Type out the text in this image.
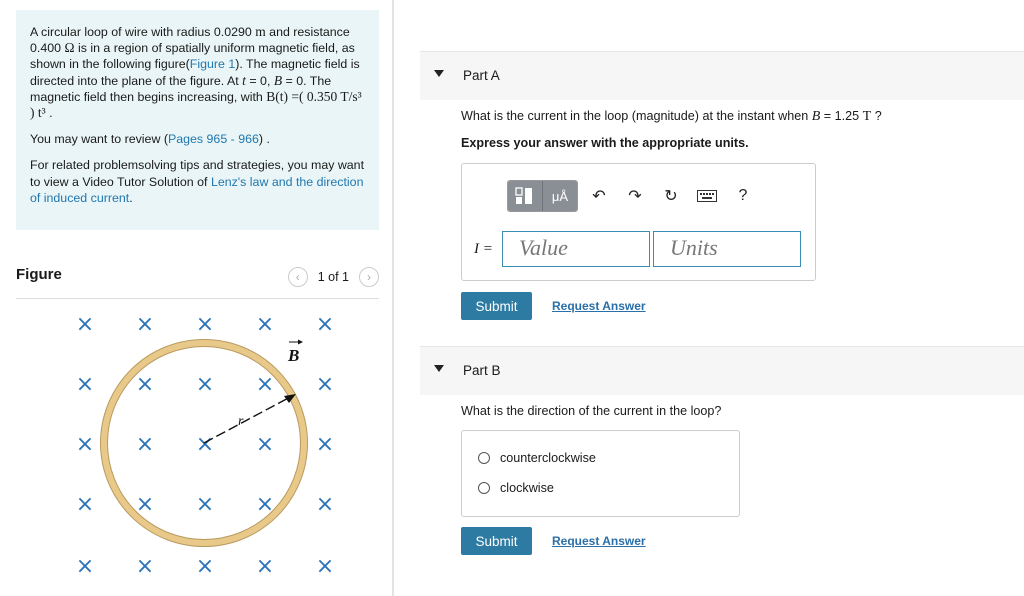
A circular loop of wire with radius 0.0290 m and resistance 0.400 Ω is in a region of spatially uniform magnetic field, as shown in the following figure(Figure 1). The magnetic field is directed into the plane of the figure. At t = 0, B = 0. The magnetic field then begins increasing, with B(t) =( 0.350 T/s³ ) t³ .

You may want to review (Pages 965 - 966) .

For related problemsolving tips and strategies, you may want to view a Video Tutor Solution of Lenz's law and the direction of induced current.

Figure	‹	1 of 1	›
× × × × ×
× × × × ×
× × × × ×
× × × × ×
× × × × ×
r
B
Part A
What is the current in the loop (magnitude) at the instant when B = 1.25 T ?
Express your answer with the appropriate units.
μÅ	↶	↷	↻	?
I =	Value	Units
Submit	Request Answer
Part B
What is the direction of the current in the loop?
counterclockwise
clockwise
Submit	Request Answer
